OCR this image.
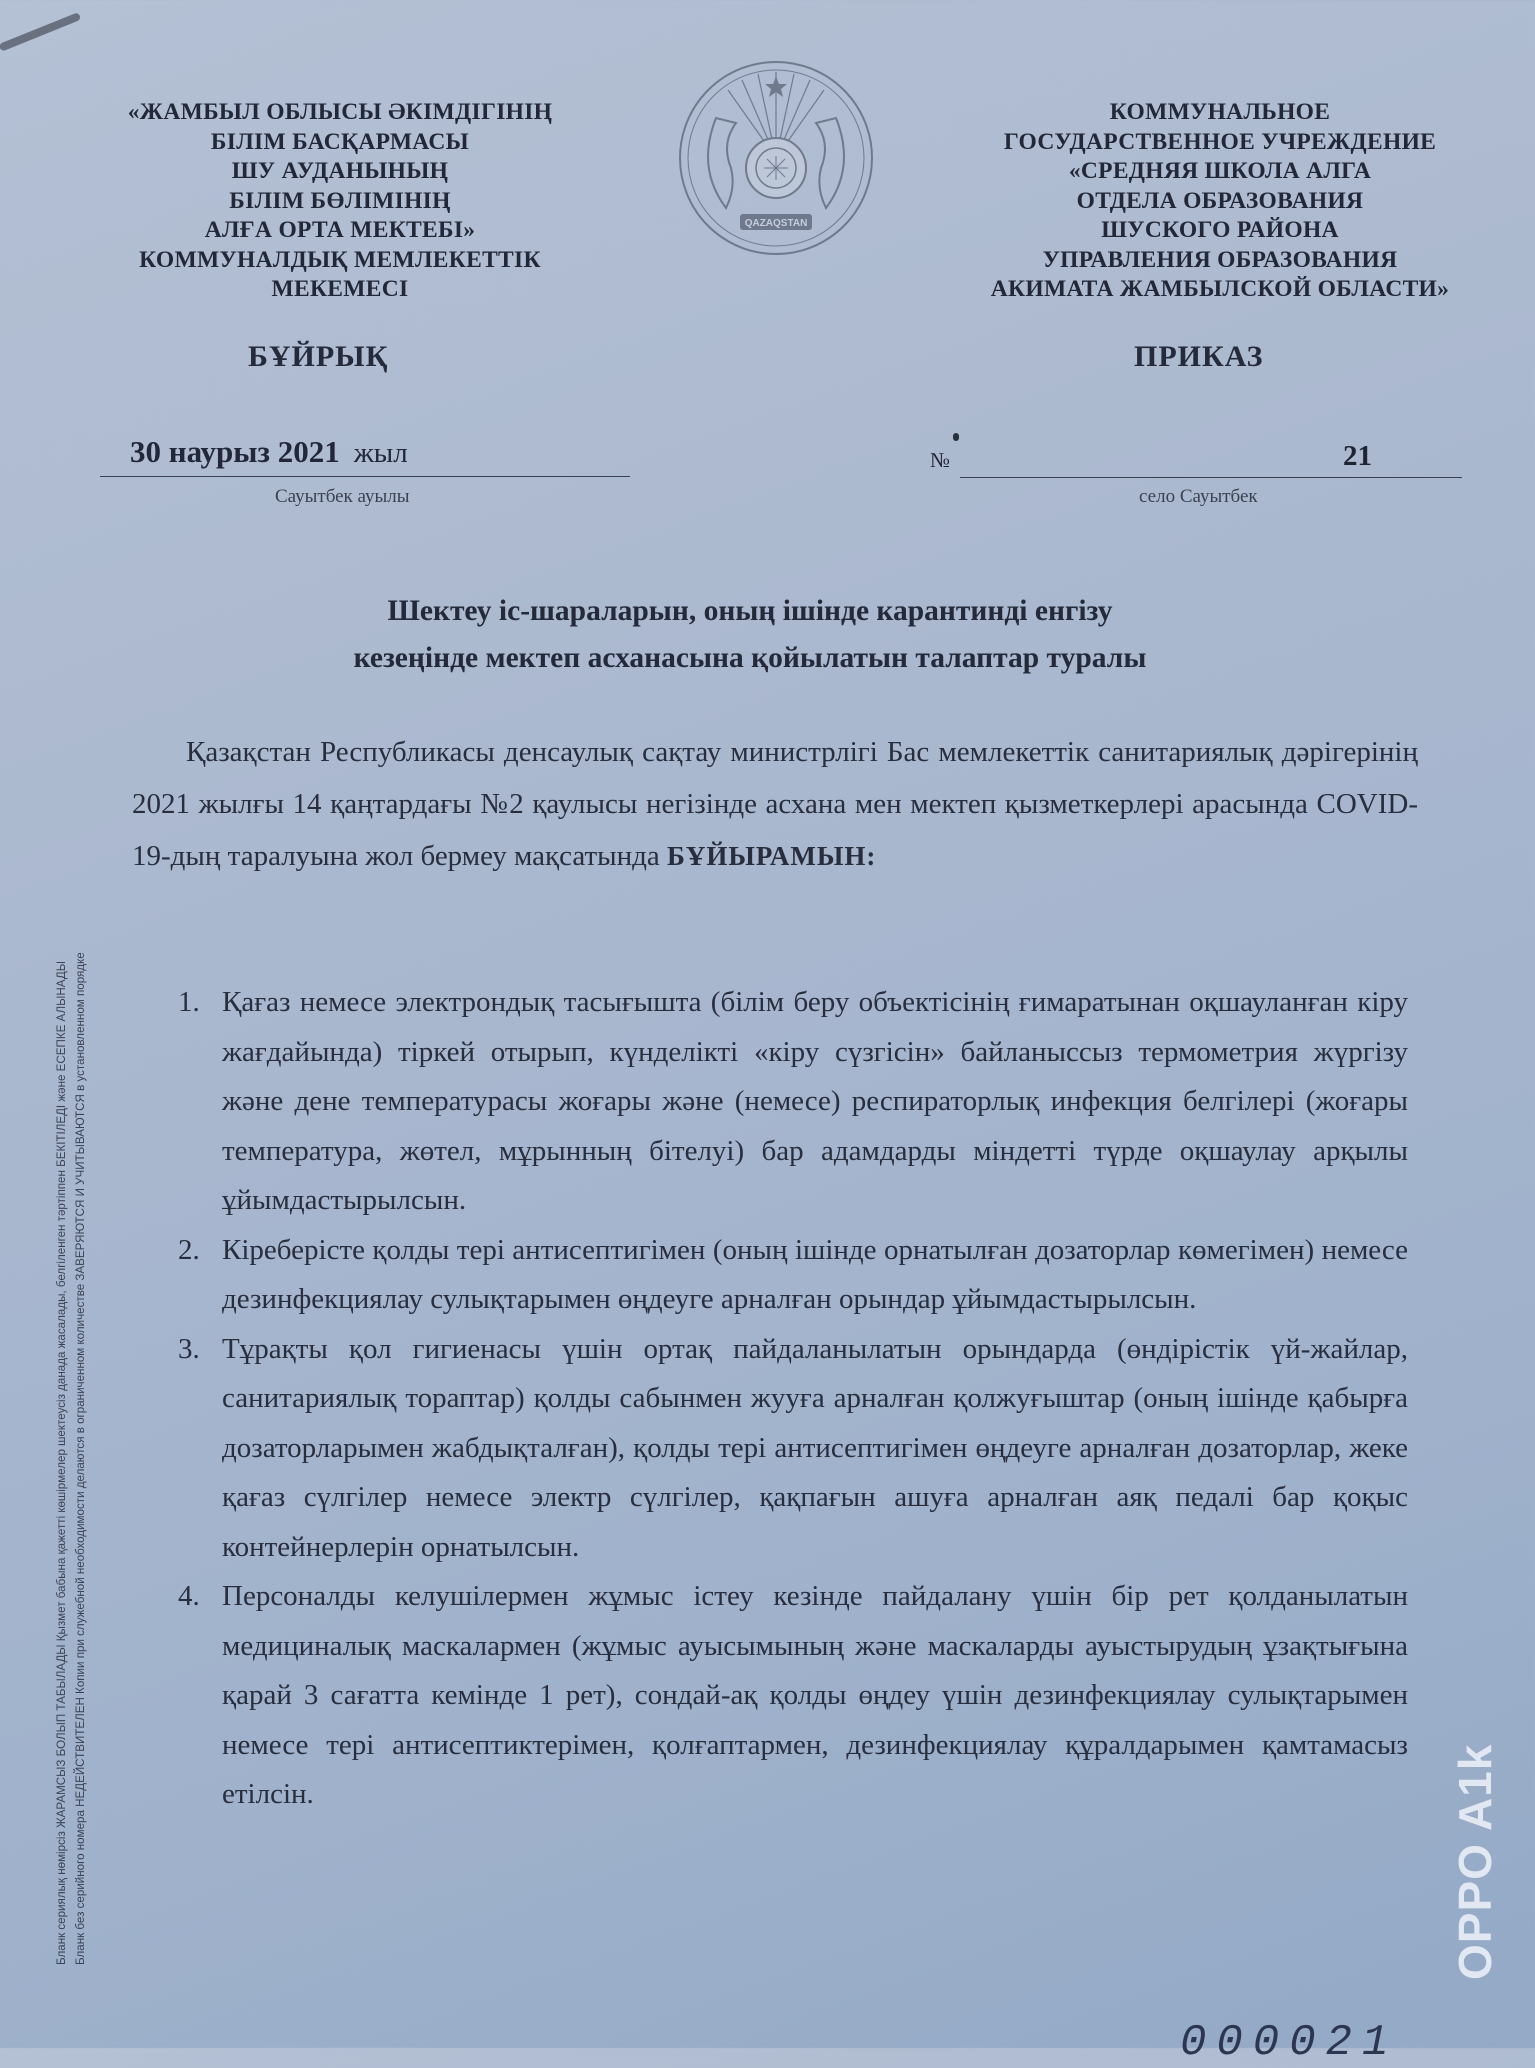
«ЖАМБЫЛ ОБЛЫСЫ ӘКІМДІГІНІҢ
БІЛІМ БАСҚАРМАСЫ
ШУ АУДАНЫНЫҢ
БІЛІМ БӨЛІМІНІҢ
АЛҒА ОРТА МЕКТЕБІ»
КОММУНАЛДЫҚ МЕМЛЕКЕТТІК
МЕКЕМЕСІ
QAZAQSTAN
КОММУНАЛЬНОЕ
ГОСУДАРСТВЕННОЕ УЧРЕЖДЕНИЕ
«СРЕДНЯЯ ШКОЛА АЛГА
ОТДЕЛА ОБРАЗОВАНИЯ
ШУСКОГО РАЙОНА
УПРАВЛЕНИЯ ОБРАЗОВАНИЯ
АКИМАТА ЖАМБЫЛСКОЙ ОБЛАСТИ»
БҰЙРЫҚ	ПРИКАЗ
30 наурыз 2021 жыл
Сауытбек ауылы
№	21
село Сауытбек
Шектеу іс-шараларын, оның ішінде карантинді енгізу
кезеңінде мектеп асханасына қойылатын талаптар туралы
Қазақстан Республикасы денсаулық сақтау министрлігі Бас мемлекеттік санитариялық дәрігерінің 2021 жылғы 14 қаңтардағы №2 қаулысы негізінде асхана мен мектеп қызметкерлері арасында COVID-19-дың таралуына жол бермеу мақсатында БҰЙЫРАМЫН:
1. Қағаз немесе электрондық тасығышта (білім беру объектісінің ғимаратынан оқшауланған кіру жағдайында) тіркей отырып, күнделікті «кіру сүзгісін» байланыссыз термометрия жүргізу және дене температурасы жоғары және (немесе) респираторлық инфекция белгілері (жоғары температура, жөтел, мұрынның бітелуі) бар адамдарды міндетті түрде оқшаулау арқылы ұйымдастырылсын.
2. Кіреберісте қолды тері антисептигімен (оның ішінде орнатылған дозаторлар көмегімен) немесе дезинфекциялау сулықтарымен өңдеуге арналған орындар ұйымдастырылсын.
3. Тұрақты қол гигиенасы үшін ортақ пайдаланылатын орындарда (өндірістік үй-жайлар, санитариялық тораптар) қолды сабынмен жууға арналған қолжуғыштар (оның ішінде қабырға дозаторларымен жабдықталған), қолды тері антисептигімен өңдеуге арналған дозаторлар, жеке қағаз сүлгілер немесе электр сүлгілер, қақпағын ашуға арналған аяқ педалі бар қоқыс контейнерлерін орнатылсын.
4. Персоналды келушілермен жұмыс істеу кезінде пайдалану үшін бір рет қолданылатын медициналық маскалармен (жұмыс ауысымының және маскаларды ауыстырудың ұзақтығына қарай 3 сағатта кемінде 1 рет), сондай-ақ қолды өңдеу үшін дезинфекциялау сулықтарымен немесе тері антисептиктерімен, қолғаптармен, дезинфекциялау құралдарымен қамтамасыз етілсін.
Бланк сериялық нөмірсіз ЖАРАМСЫЗ БОЛЫП ТАБЫЛАДЫ Қызмет бабына қажетті көшірмелер шектеусіз данада жасалады, белгіленген тәртіппен БЕКІТІЛЕДІ және ЕСЕПКЕ АЛЫНАДЫ Бланк без серийного номера НЕДЕЙСТВИТЕЛЕН Копии при служебной необходимости делаются в ограниченном количестве ЗАВЕРЯЮТСЯ И УЧИТЫВАЮТСЯ в установленном порядке
000021
OPPO A1k
